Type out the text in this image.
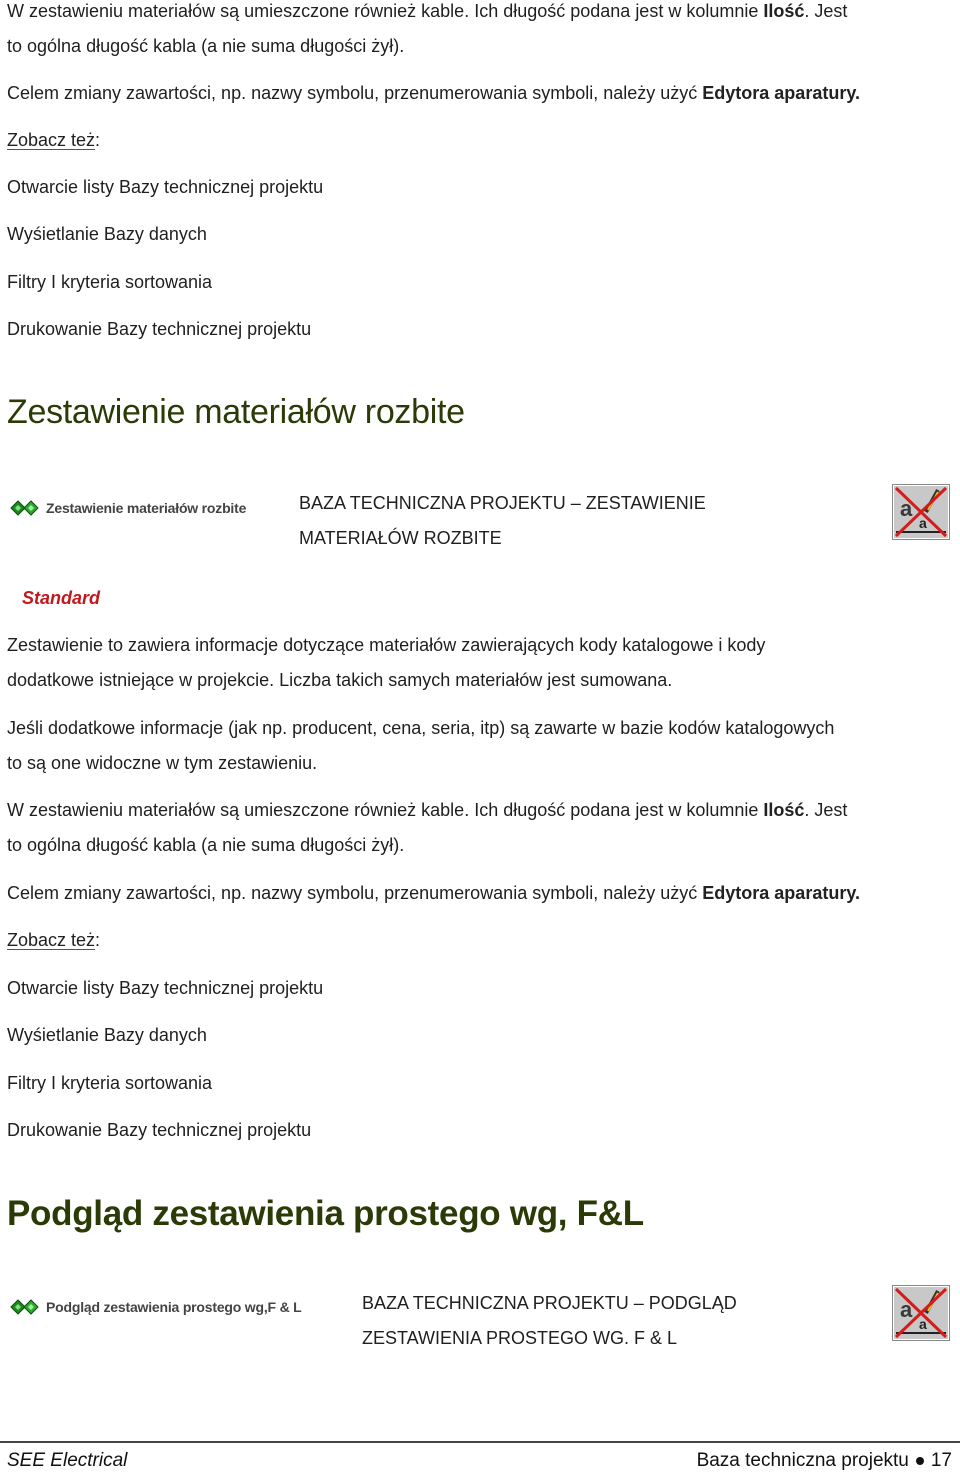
W zestawieniu materiałów są umieszczone również kable. Ich długość podana jest w kolumnie Ilość. Jest
to ogólna długość kabla (a nie suma długości żył).
Celem zmiany zawartości, np. nazwy symbolu, przenumerowania symboli, należy użyć Edytora aparatury.
Zobacz też:
Otwarcie listy Bazy technicznej projektu
Wyśietlanie Bazy danych
Filtry I kryteria sortowania
Drukowanie Bazy technicznej projektu
Zestawienie materiałów rozbite
Zestawienie materiałów rozbite	BAZA TECHNICZNA PROJEKTU – ZESTAWIENIE
MATERIAŁÓW ROZBITE
a
a
Standard
Zestawienie to zawiera informacje dotyczące materiałów zawierających kody katalogowe i kody
dodatkowe istniejące w projekcie. Liczba takich samych materiałów jest sumowana.
Jeśli dodatkowe informacje (jak np. producent, cena, seria, itp) są zawarte w bazie kodów katalogowych
to są one widoczne w tym zestawieniu.
W zestawieniu materiałów są umieszczone również kable. Ich długość podana jest w kolumnie Ilość. Jest
to ogólna długość kabla (a nie suma długości żył).
Celem zmiany zawartości, np. nazwy symbolu, przenumerowania symboli, należy użyć Edytora aparatury.
Zobacz też:
Otwarcie listy Bazy technicznej projektu
Wyśietlanie Bazy danych
Filtry I kryteria sortowania
Drukowanie Bazy technicznej projektu
Podgląd zestawienia prostego wg, F&L
Podgląd zestawienia prostego wg,F & L	BAZA TECHNICZNA PROJEKTU – PODGLĄD
ZESTAWIENIA PROSTEGO WG. F & L
a
a
SEE Electrical	Baza techniczna projektu 17
